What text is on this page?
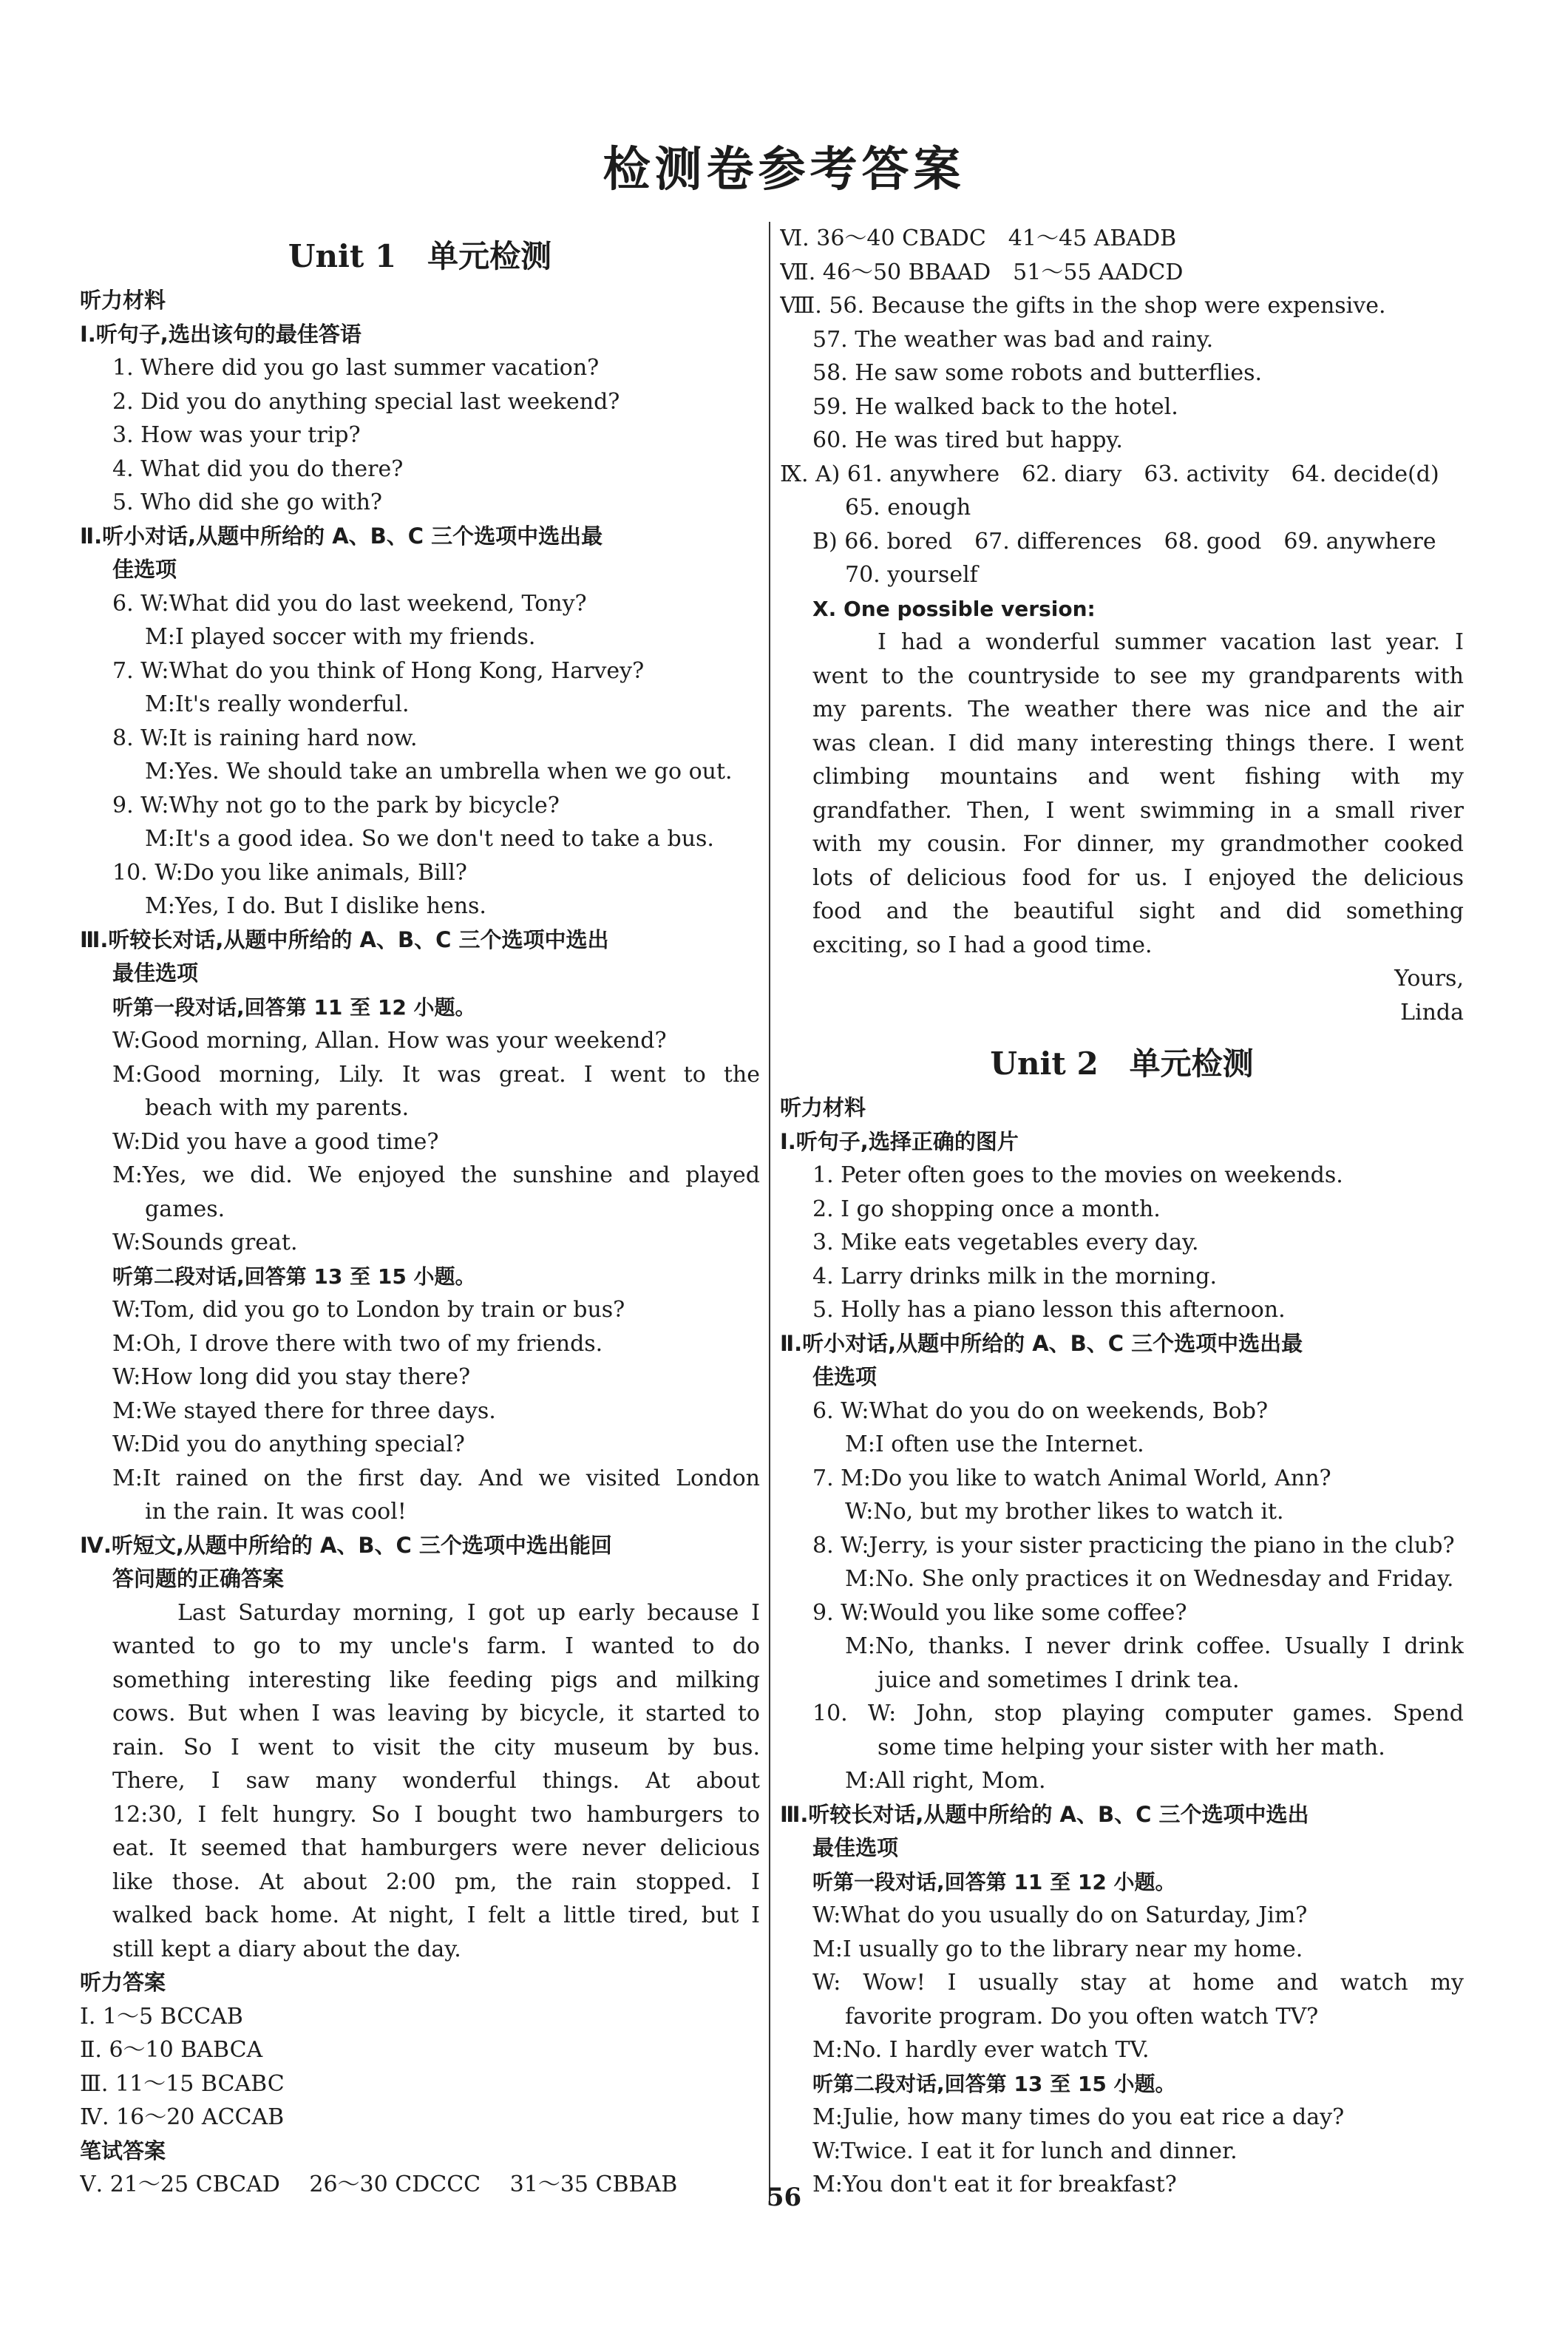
检测卷参考答案
Unit 1　单元检测
听力材料
Ⅰ.听句子,选出该句的最佳答语
1. Where did you go last summer vacation?
2. Did you do anything special last weekend?
3. How was your trip?
4. What did you do there?
5. Who did she go with?
Ⅱ.听小对话,从题中所给的 A、B、C 三个选项中选出最
佳选项
6. W:What did you do last weekend, Tony?
M:I played soccer with my friends.
7. W:What do you think of Hong Kong, Harvey?
M:It's really wonderful.
8. W:It is raining hard now.
M:Yes. We should take an umbrella when we go out.
9. W:Why not go to the park by bicycle?
M:It's a good idea. So we don't need to take a bus.
10. W:Do you like animals, Bill?
M:Yes, I do. But I dislike hens.
Ⅲ.听较长对话,从题中所给的 A、B、C 三个选项中选出
最佳选项
听第一段对话,回答第 11 至 12 小题。
W:Good morning, Allan. How was your weekend?
M:Good morning, Lily. It was great. I went to the
beach with my parents.
W:Did you have a good time?
M:Yes, we did. We enjoyed the sunshine and played
games.
W:Sounds great.
听第二段对话,回答第 13 至 15 小题。
W:Tom, did you go to London by train or bus?
M:Oh, I drove there with two of my friends.
W:How long did you stay there?
M:We stayed there for three days.
W:Did you do anything special?
M:It rained on the first day. And we visited London
in the rain. It was cool!
Ⅳ.听短文,从题中所给的 A、B、C 三个选项中选出能回
答问题的正确答案
Last Saturday morning, I got up early because I
wanted to go to my uncle's farm. I wanted to do
something interesting like feeding pigs and milking
cows. But when I was leaving by bicycle, it started to
rain. So I went to visit the city museum by bus.
There, I saw many wonderful things. At about
12:30, I felt hungry. So I bought two hamburgers to
eat. It seemed that hamburgers were never delicious
like those. At about 2:00 pm, the rain stopped. I
walked back home. At night, I felt a little tired, but I
still kept a diary about the day.
听力答案
Ⅰ. 1～5 BCCAB
Ⅱ. 6～10 BABCA
Ⅲ. 11～15 BCABC
Ⅳ. 16～20 ACCAB
笔试答案
Ⅴ. 21～25 CBCAD　 26～30 CDCCC　 31～35 CBBAB
Ⅵ. 36～40 CBADC　41～45 ABADB
Ⅶ. 46～50 BBAAD　51～55 AADCD
Ⅷ. 56. Because the gifts in the shop were expensive.
57. The weather was bad and rainy.
58. He saw some robots and butterflies.
59. He walked back to the hotel.
60. He was tired but happy.
Ⅸ. A) 61. anywhere　62. diary　63. activity　64. decide(d)
65. enough
B) 66. bored　67. differences　68. good　69. anywhere
70. yourself
Ⅹ. One possible version:
I had a wonderful summer vacation last year. I
went to the countryside to see my grandparents with
my parents. The weather there was nice and the air
was clean. I did many interesting things there. I went
climbing mountains and went fishing with my
grandfather. Then, I went swimming in a small river
with my cousin. For dinner, my grandmother cooked
lots of delicious food for us. I enjoyed the delicious
food and the beautiful sight and did something
exciting, so I had a good time.
Yours,
Linda
Unit 2　单元检测
听力材料
Ⅰ.听句子,选择正确的图片
1. Peter often goes to the movies on weekends.
2. I go shopping once a month.
3. Mike eats vegetables every day.
4. Larry drinks milk in the morning.
5. Holly has a piano lesson this afternoon.
Ⅱ.听小对话,从题中所给的 A、B、C 三个选项中选出最
佳选项
6. W:What do you do on weekends, Bob?
M:I often use the Internet.
7. M:Do you like to watch Animal World, Ann?
W:No, but my brother likes to watch it.
8. W:Jerry, is your sister practicing the piano in the club?
M:No. She only practices it on Wednesday and Friday.
9. W:Would you like some coffee?
M:No, thanks. I never drink coffee. Usually I drink
juice and sometimes I drink tea.
10. W: John, stop playing computer games. Spend
some time helping your sister with her math.
M:All right, Mom.
Ⅲ.听较长对话,从题中所给的 A、B、C 三个选项中选出
最佳选项
听第一段对话,回答第 11 至 12 小题。
W:What do you usually do on Saturday, Jim?
M:I usually go to the library near my home.
W: Wow! I usually stay at home and watch my
favorite program. Do you often watch TV?
M:No. I hardly ever watch TV.
听第二段对话,回答第 13 至 15 小题。
M:Julie, how many times do you eat rice a day?
W:Twice. I eat it for lunch and dinner.
M:You don't eat it for breakfast?
56
